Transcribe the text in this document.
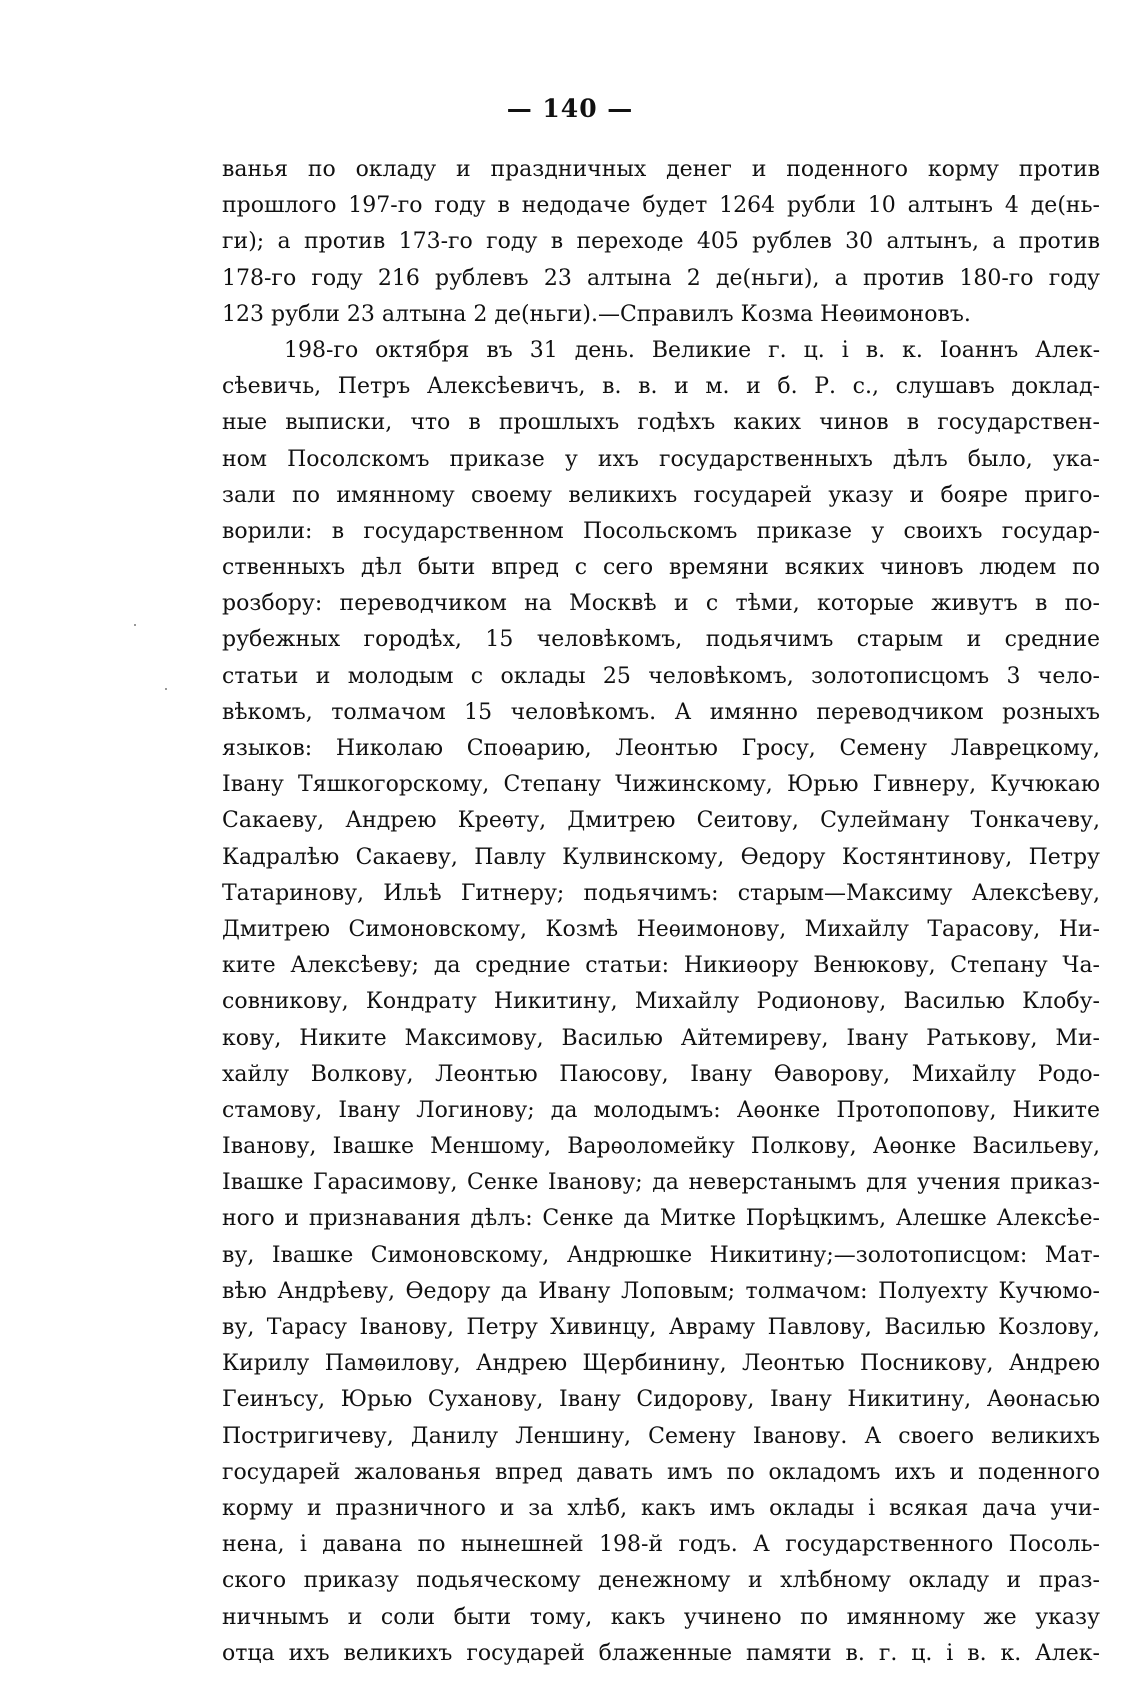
— 140 —
ванья по окладу и праздничных денег и поденного корму против
прошлого 197-го году в недодаче будет 1264 рубли 10 алтынъ 4 де(нь-
ги); а против 173-го году в переходе 405 рублев 30 алтынъ, а против
178-го году 216 рублевъ 23 алтына 2 де(ньги), а против 180-го году
123 рубли 23 алтына 2 де(ньги).—Справилъ Козма Неѳимоновъ.
198-го октября въ 31 день. Великие г. ц. і в. к. Іоаннъ Алек-
сѣевичь, Петръ Алексѣевичъ, в. в. и м. и б. Р. с., слушавъ доклад-
ные выписки, что в прошлыхъ годѣхъ каких чинов в государствен-
ном Посолскомъ приказе у ихъ государственныхъ дѣлъ было, ука-
зали по имянному своему великихъ государей указу и бояре приго-
ворили: в государственном Посольскомъ приказе у своихъ государ-
ственныхъ дѣл быти впред с сего времяни всяких чиновъ людем по
розбору: переводчиком на Москвѣ и с тѣми, которые живутъ в по-
рубежных городѣх, 15 человѣкомъ, подьячимъ старым и средние
статьи и молодым с оклады 25 человѣкомъ, золотописцомъ 3 чело-
вѣкомъ, толмачом 15 человѣкомъ. А имянно переводчиком розныхъ
языков: Николаю Споѳарию, Леонтью Гросу, Семену Лаврецкому,
Івану Тяшкогорскому, Степану Чижинскому, Юрью Гивнеру, Кучюкаю
Сакаеву, Андрею Креѳту, Дмитрею Сеитову, Сулейману Тонкачеву,
Кадралѣю Сакаеву, Павлу Кулвинскому, Ѳедору Костянтинову, Петру
Татаринову, Ильѣ Гитнеру; подьячимъ: старым—Максиму Алексѣеву,
Дмитрею Симоновскому, Козмѣ Неѳимонову, Михайлу Тарасову, Ни-
ките Алексѣеву; да средние статьи: Никиѳору Венюкову, Степану Ча-
совникову, Кондрату Никитину, Михайлу Родионову, Василью Клобу-
кову, Никите Максимову, Василью Айтемиреву, Івану Ратькову, Ми-
хайлу Волкову, Леонтью Паюсову, Івану Ѳаворову, Михайлу Родо-
стамову, Івану Логинову; да молодымъ: Аѳонке Протопопову, Никите
Іванову, Івашке Меншому, Варѳоломейку Полкову, Аѳонке Васильеву,
Івашке Гарасимову, Сенке Іванову; да неверстанымъ для учения приказ-
ного и признавания дѣлъ: Сенке да Митке Порѣцкимъ, Алешке Алексѣе-
ву, Івашке Симоновскому, Андрюшке Никитину;—золотописцом: Мат-
вѣю Андрѣеву, Ѳедору да Ивану Лоповым; толмачом: Полуехту Кучюмо-
ву, Тарасу Іванову, Петру Хивинцу, Авраму Павлову, Василью Козлову,
Кирилу Памѳилову, Андрею Щербинину, Леонтью Посникову, Андрею
Геинъсу, Юрью Суханову, Івану Сидорову, Івану Никитину, Аѳонасью
Постригичеву, Данилу Леншину, Семену Іванову. А своего великихъ
государей жалованья впред давать имъ по окладомъ ихъ и поденного
корму и празничного и за хлѣб, какъ имъ оклады і всякая дача учи-
нена, і давана по нынешней 198-й годъ. А государственного Посоль-
ского приказу подьяческому денежному и хлѣбному окладу и праз-
ничнымъ и соли быти тому, какъ учинено по имянному же указу
отца ихъ великихъ государей блаженные памяти в. г. ц. і в. к. Алек-
